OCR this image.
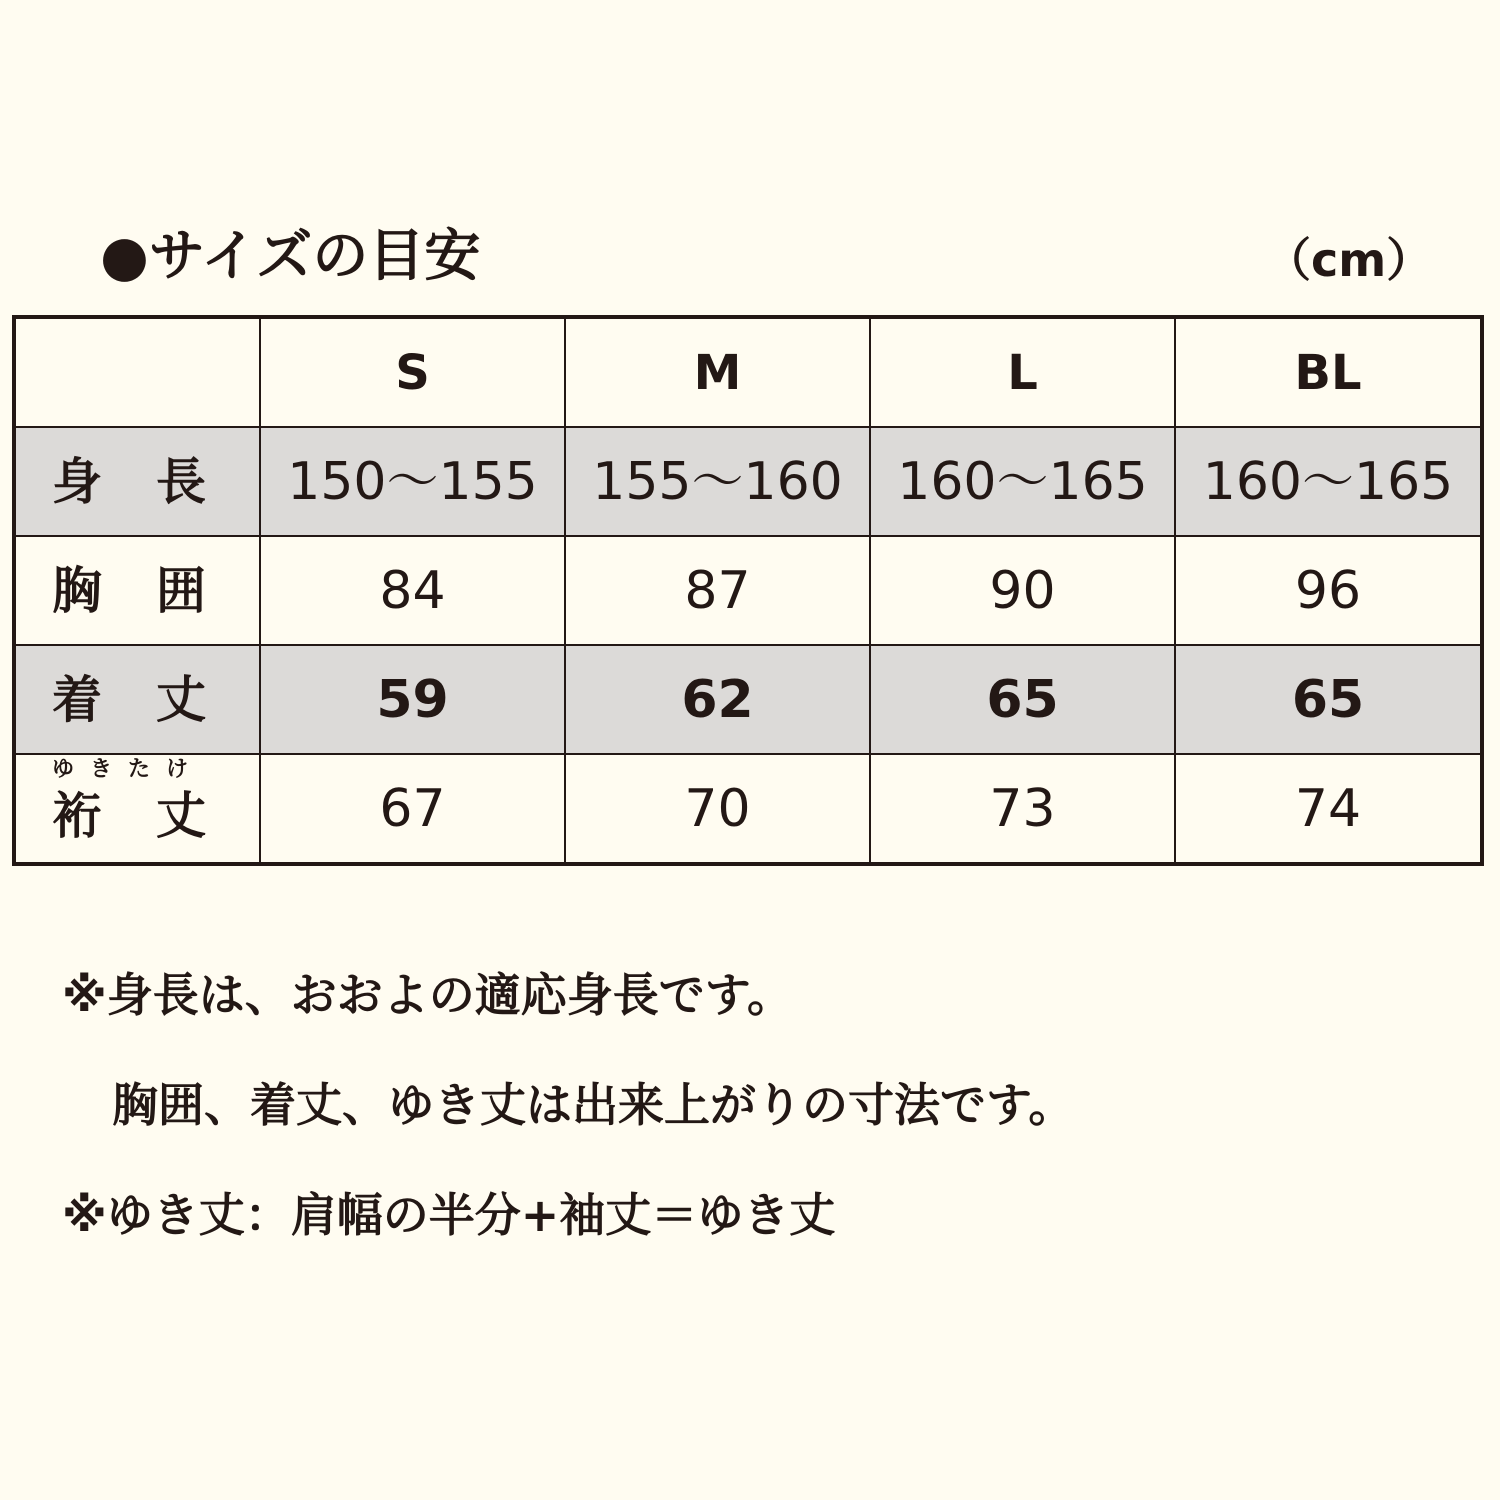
●サイズの目安	（cm）
	S	M	L	BL
身長	150〜155	155〜160	160〜165	160〜165
胸囲	84	87	90	96
着丈	59	62	65	65

ゆきたけ
裄丈	67	70	73	74
※身長は、おおよの適応身長です。
胸囲、着丈、ゆき丈は出来上がりの寸法です。
※ゆき丈：肩幅の半分+袖丈＝ゆき丈
